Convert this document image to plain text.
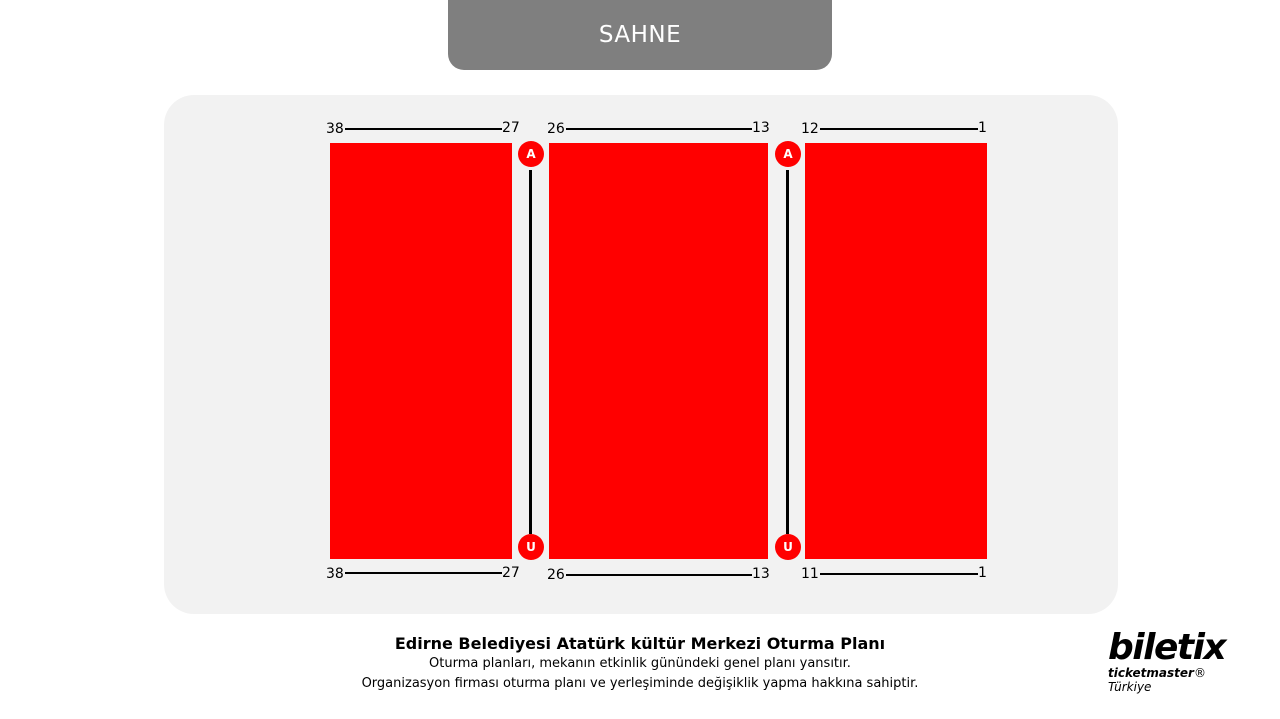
SAHNE
38	27 26	13 12	1
A
U
A
U
38	27 26	13 11	1
Edirne Belediyesi Atatürk kültür Merkezi Oturma Planı
Oturma planları, mekanın etkinlik günündeki genel planı yansıtır.
Organizasyon firması oturma planı ve yerleşiminde değişiklik yapma hakkına sahiptir.
biletix
ticketmaster® Türkiye
